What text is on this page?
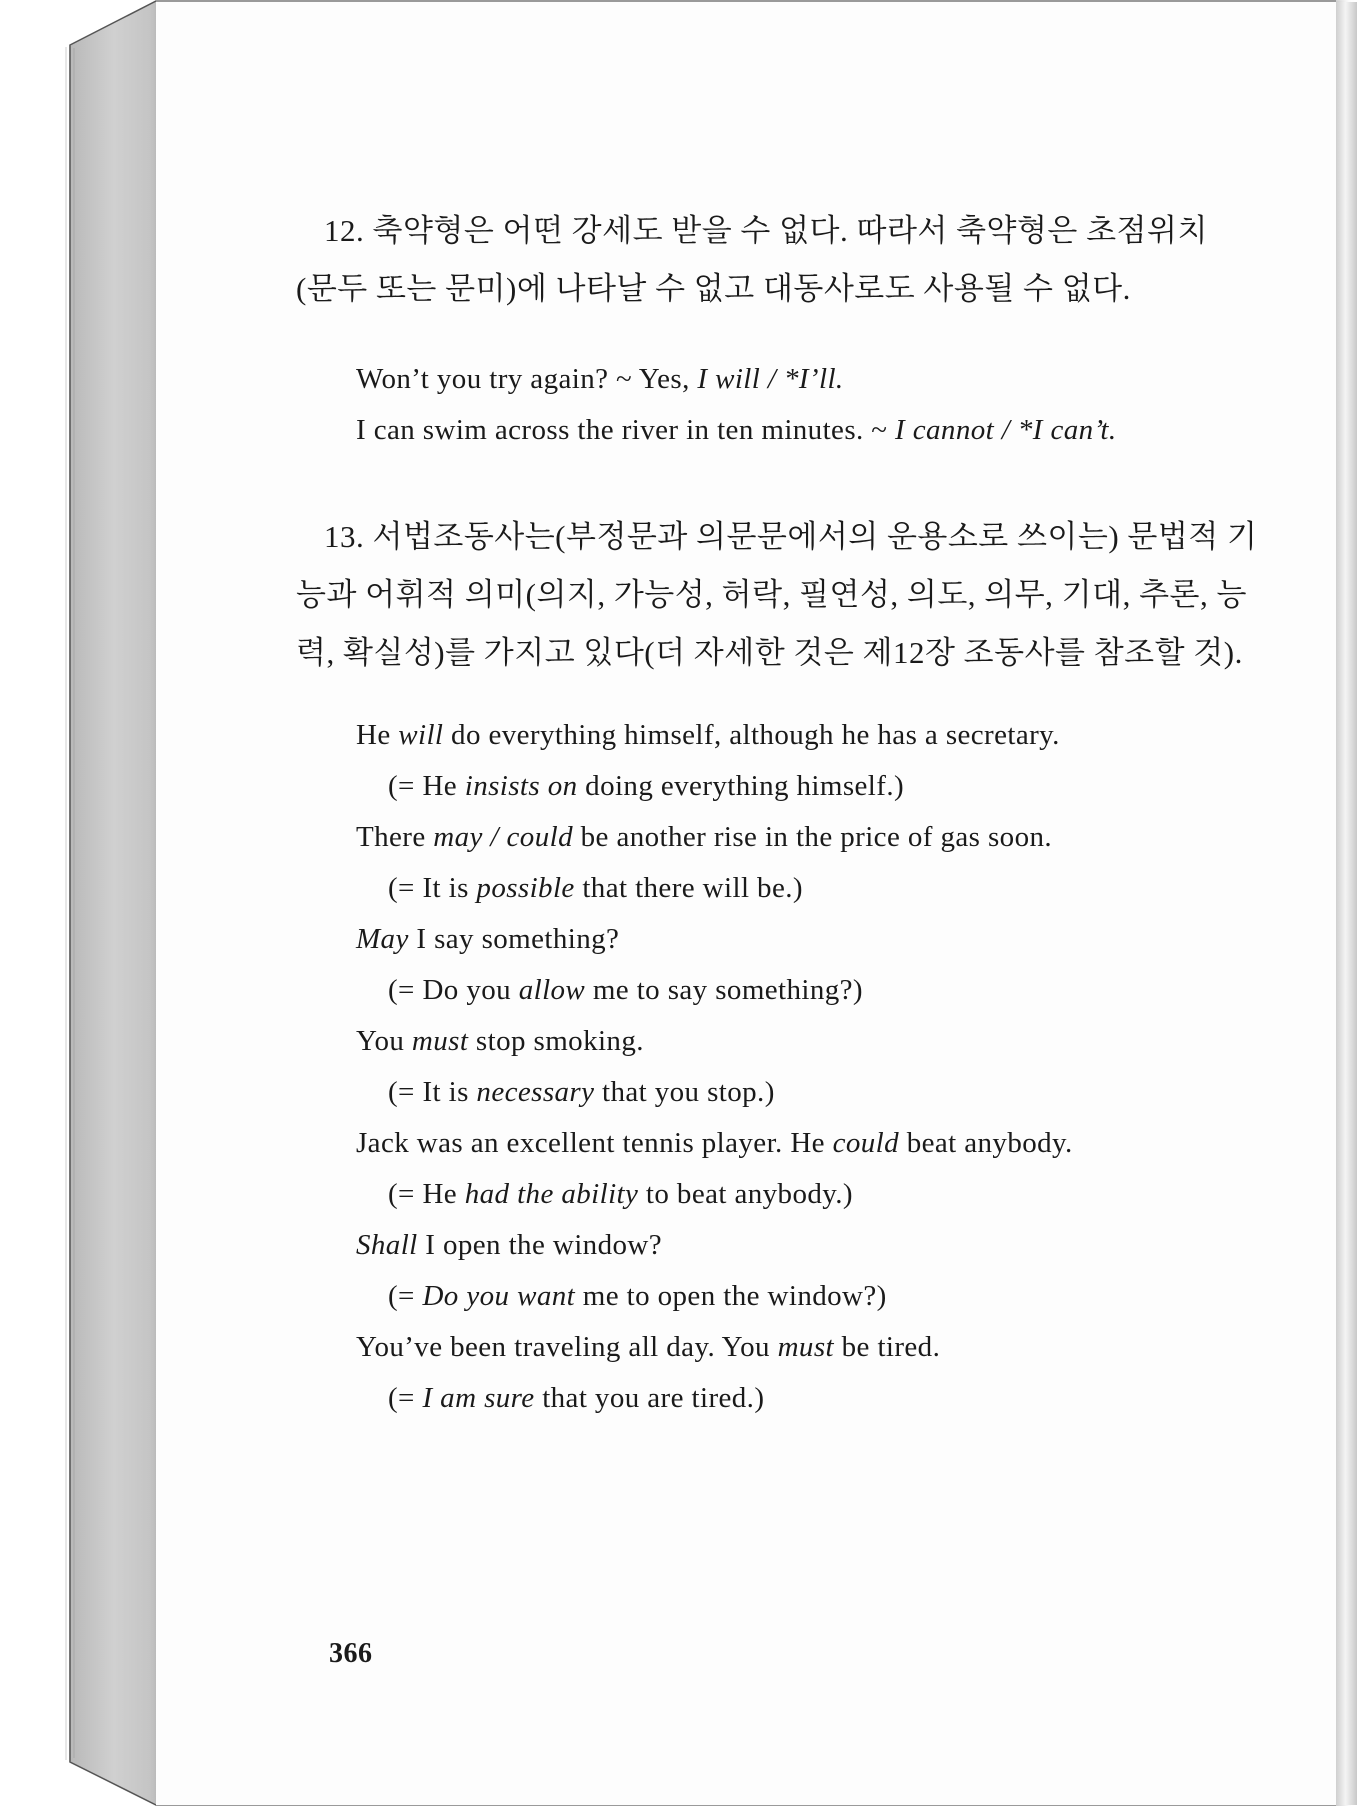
12. 축약형은 어떤 강세도 받을 수 없다. 따라서 축약형은 초점위치
(문두 또는 문미)에 나타날 수 없고 대동사로도 사용될 수 없다.
Won’t you try again? ~ Yes, I will / *I’ll.
I can swim across the river in ten minutes. ~ I cannot / *I can’t.
13. 서법조동사는(부정문과 의문문에서의 운용소로 쓰이는) 문법적 기
능과 어휘적 의미(의지, 가능성, 허락, 필연성, 의도, 의무, 기대, 추론, 능
력, 확실성)를 가지고 있다(더 자세한 것은 제12장 조동사를 참조할 것).
He will do everything himself, although he has a secretary.
(= He insists on doing everything himself.)
There may / could be another rise in the price of gas soon.
(= It is possible that there will be.)
May I say something?
(= Do you allow me to say something?)
You must stop smoking.
(= It is necessary that you stop.)
Jack was an excellent tennis player. He could beat anybody.
(= He had the ability to beat anybody.)
Shall I open the window?
(= Do you want me to open the window?)
You’ve been traveling all day. You must be tired.
(= I am sure that you are tired.)
366
